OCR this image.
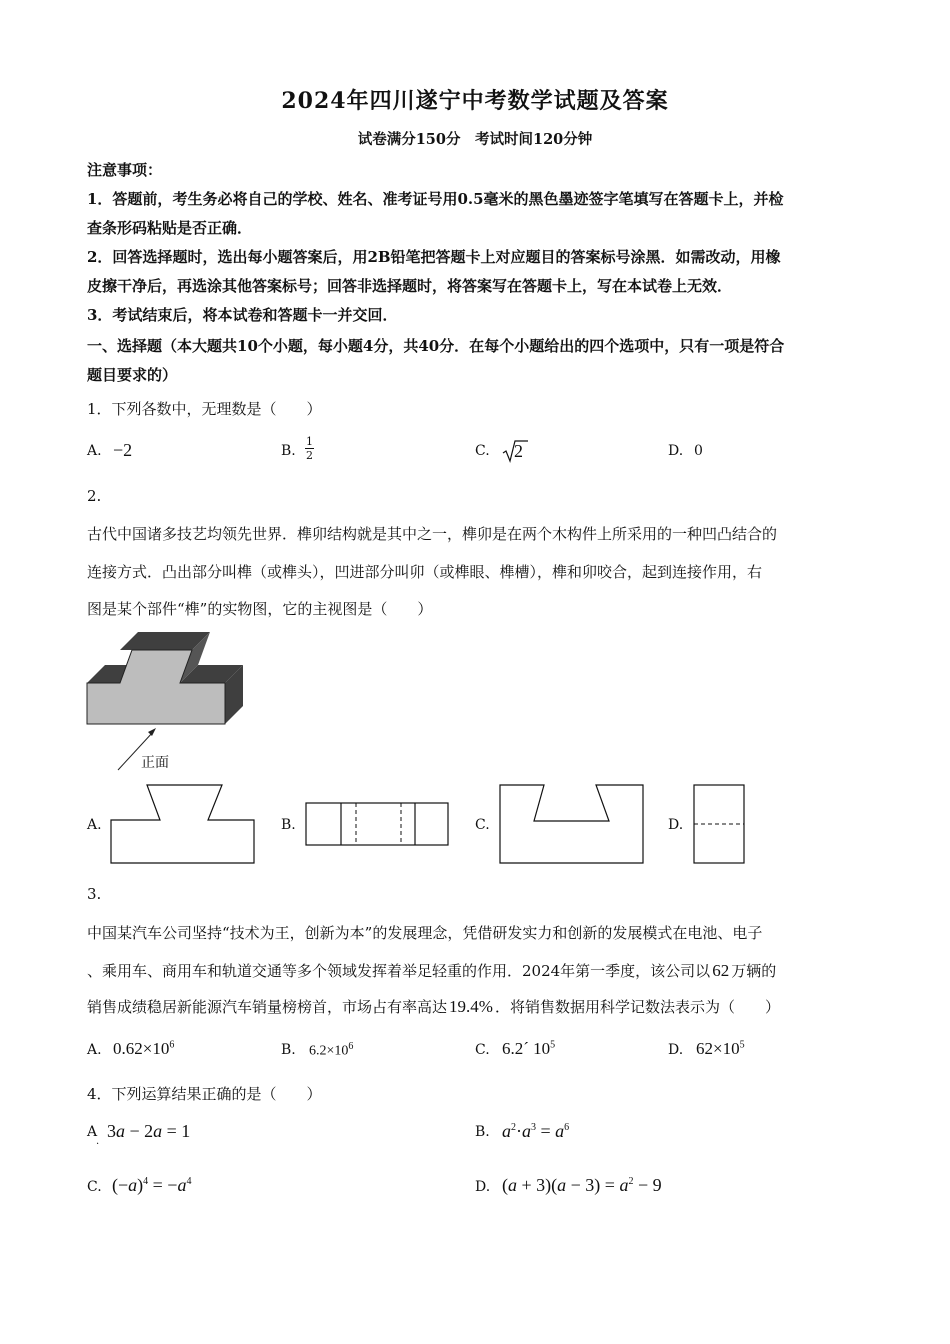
2024年四川遂宁中考数学试题及答案
试卷满分150分　考试时间120分钟
注意事项：
1．答题前，考生务必将自己的学校、姓名、准考证号用0.5毫米的黑色墨迹签字笔填写在答题卡上，并检
查条形码粘贴是否正确．
2．回答选择题时，选出每小题答案后，用2B铅笔把答题卡上对应题目的答案标号涂黑．如需改动，用橡
皮擦干净后，再选涂其他答案标号；回答非选择题时，将答案写在答题卡上，写在本试卷上无效．
3．考试结束后，将本试卷和答题卡一并交回．
一、选择题（本大题共10个小题，每小题4分，共40分．在每个小题给出的四个选项中，只有一项是符合
题目要求的）
1．下列各数中，无理数是（　　）
A. −2	B. $\frac{1}{2}$	C. 2	D. 0
2.
古代中国诸多技艺均领先世界．榫卯结构就是其中之一，榫卯是在两个木构件上所采用的一种凹凸结合的
连接方式．凸出部分叫榫（或榫头），凹进部分叫卯（或榫眼、榫槽），榫和卯咬合，起到连接作用，右
图是某个部件“榫”的实物图，它的主视图是（　　）
正面
A.	B.	C.	D.
3.
中国某汽车公司坚持“技术为王，创新为本”的发展理念，凭借研发实力和创新的发展模式在电池、电子
、乘用车、商用车和轨道交通等多个领域发挥着举足轻重的作用．2024年第一季度，该公司以 62 万辆的
销售成绩稳居新能源汽车销量榜榜首，市场占有率高达 19.4% ．将销售数据用科学记数法表示为（　　）
A. $0.62\times 10^6$	B. $6.2\times 10^6$	C. 6.2´ $10^5$	D. $62\times 10^5$
4．下列运算结果正确的是（　　）
A
.
3a − 2a = 1	B. $a^2\cdot a^3 = a^6$
C. $(-a)^4 = -a^4$	D. $(a + 3)(a - 3) = a^2 - 9$
